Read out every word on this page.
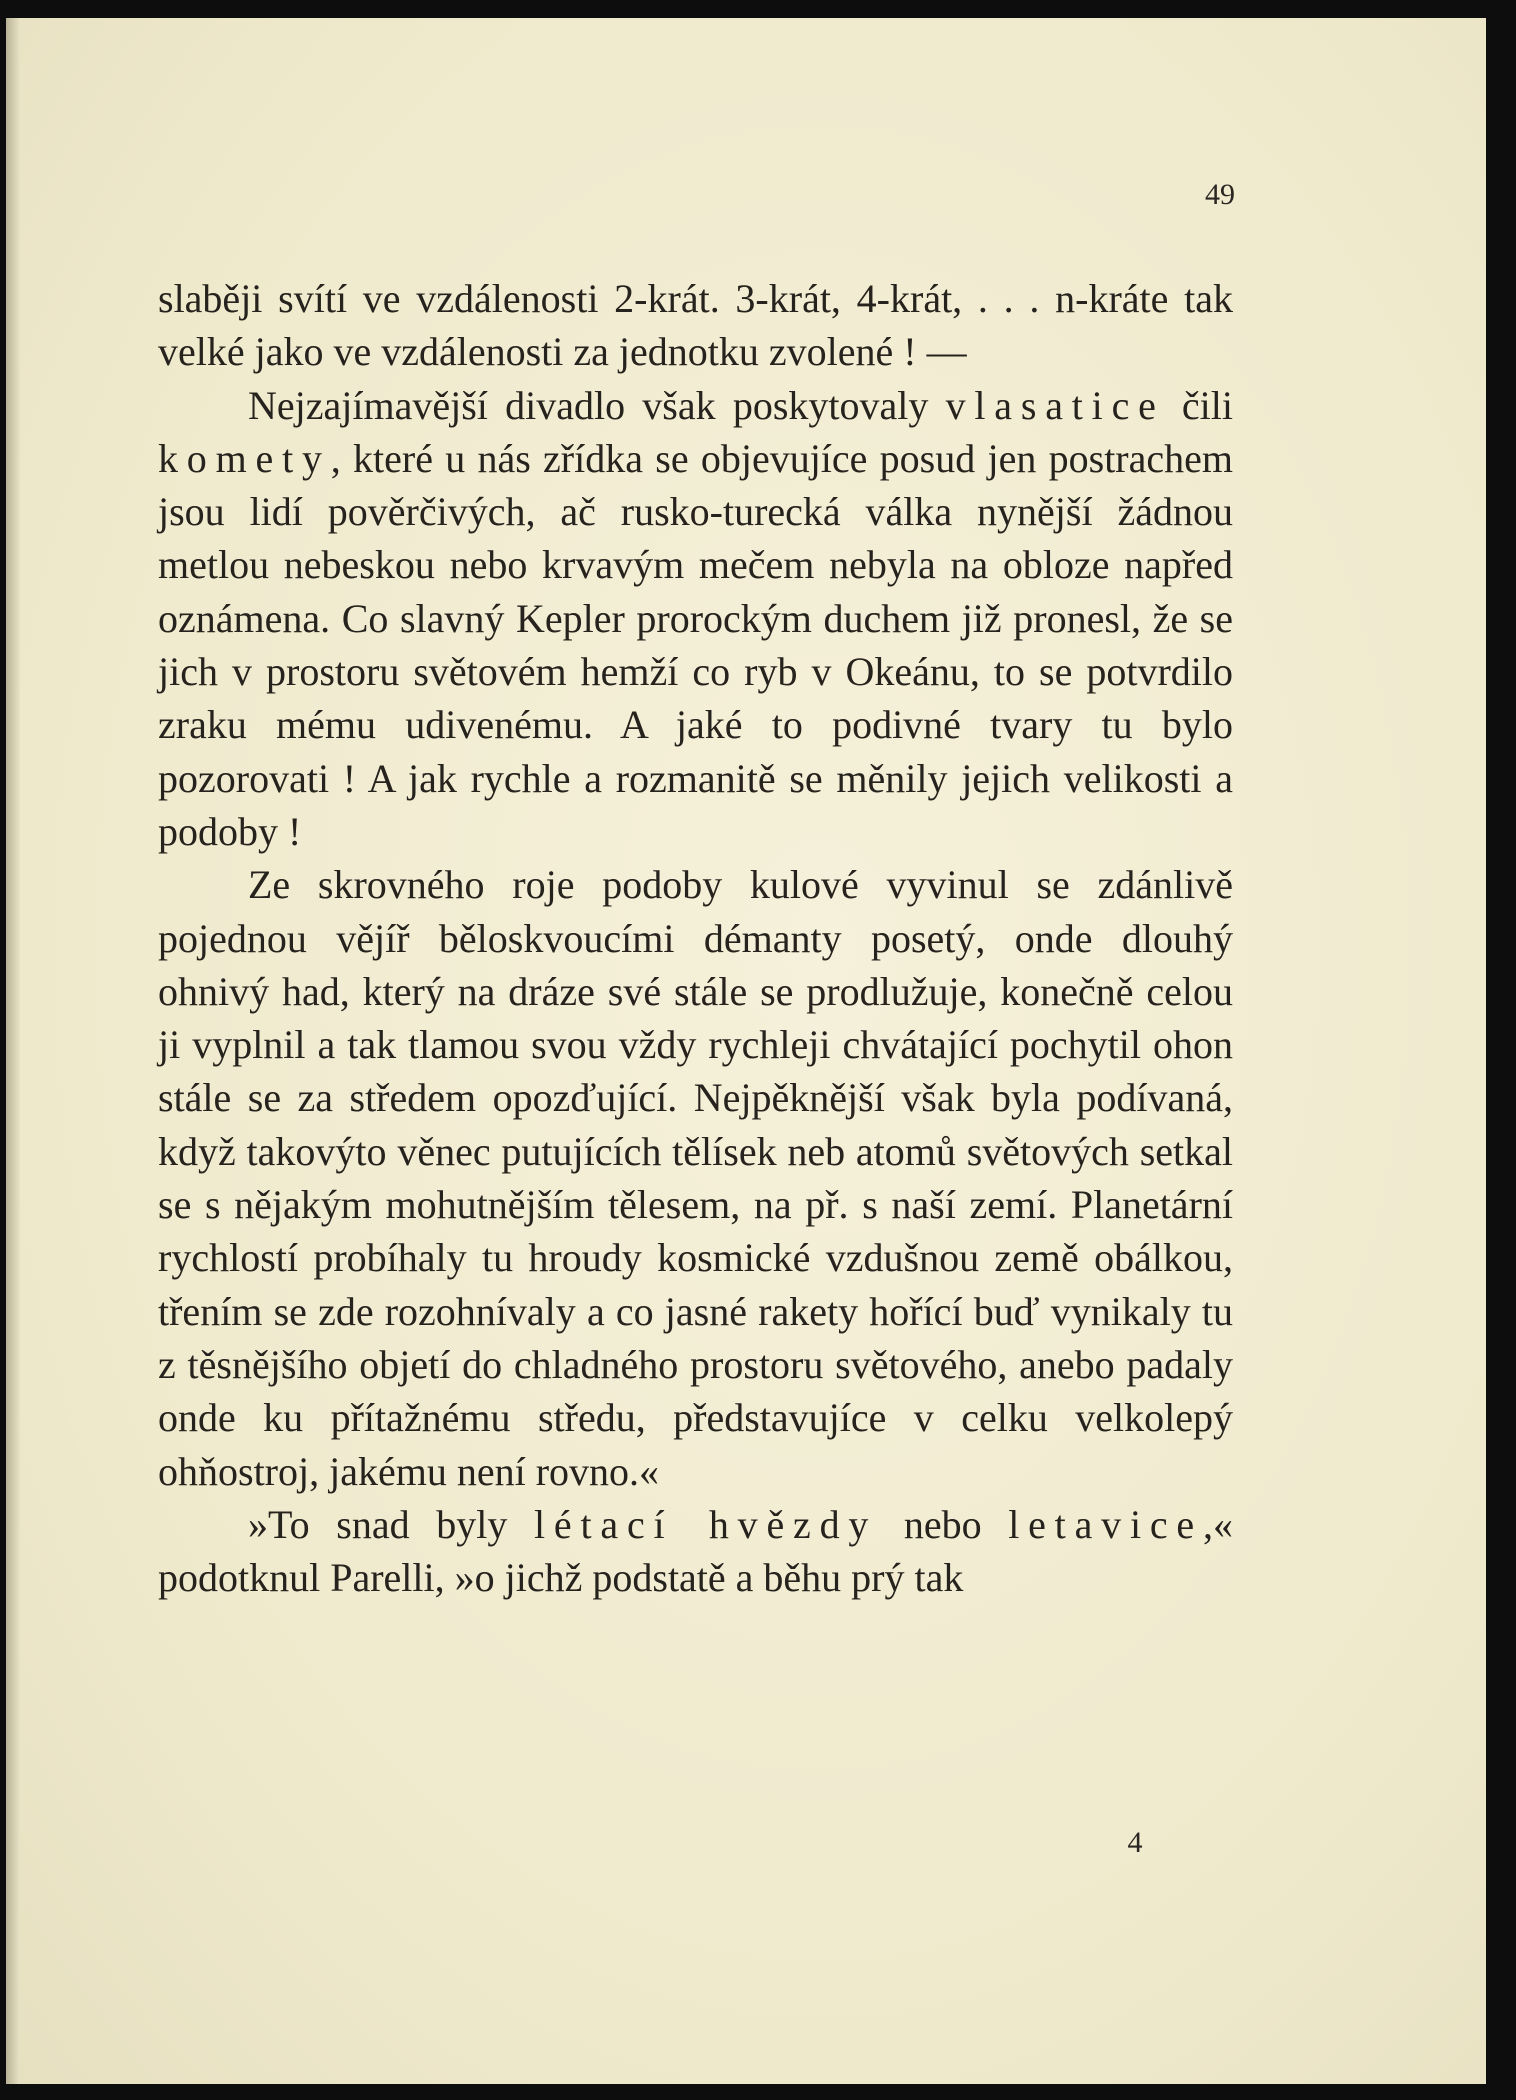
49

slaběji svítí ve vzdálenosti 2-krát. 3-krát, 4-krát, . . . n-kráte tak velké jako ve vzdálenosti za jednotku zvolené ! —

Nejzajímavější divadlo však poskytovaly vlasatice čili komety, které u nás zřídka se objevujíce posud jen postrachem jsou lidí pověrčivých, ač rusko-turecká válka nynější žádnou metlou nebeskou nebo krvavým mečem nebyla na obloze napřed oznámena. Co slavný Kepler prorockým duchem již pronesl, že se jich v prostoru světovém hemží co ryb v Okeánu, to se potvrdilo zraku mému udivenému. A jaké to podivné tvary tu bylo pozorovati ! A jak rychle a rozmanitě se měnily jejich velikosti a podoby !

Ze skrovného roje podoby kulové vyvinul se zdánlivě pojednou vějíř běloskvoucími démanty posetý, onde dlouhý ohnivý had, který na dráze své stále se prodlužuje, konečně celou ji vyplnil a tak tlamou svou vždy rychleji chvátající pochytil ohon stále se za středem opozďující. Nejpěknější však byla podívaná, když takovýto věnec putujících tělísek neb atomů světových setkal se s nějakým mohutnějším tělesem, na př. s naší zemí. Planetární rychlostí probíhaly tu hroudy kosmické vzdušnou země obálkou, třením se zde rozohnívaly a co jasné rakety hořící buď vynikaly tu z těsnějšího objetí do chladného prostoru světového, anebo padaly onde ku přítažnému středu, představujíce v celku velkolepý ohňostroj, jakému není rovno.«

»To snad byly létací hvězdy nebo letavice,« podotknul Parelli, »o jichž podstatě a běhu prý tak

4
